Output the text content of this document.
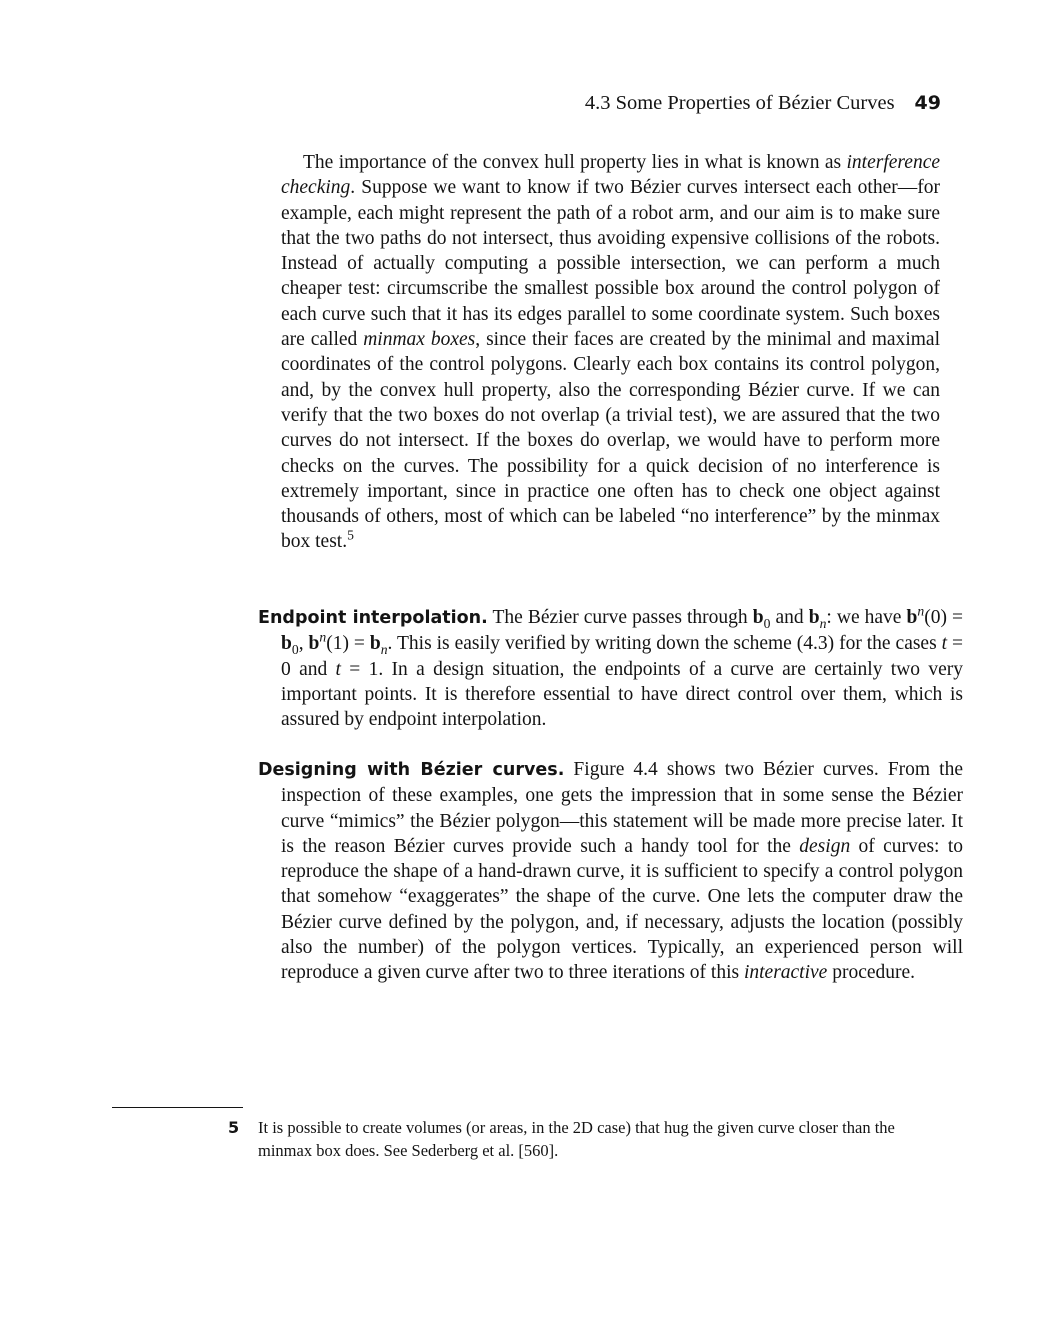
4.3 Some Properties of Bézier Curves 49

The importance of the convex hull property lies in what is known as interference checking. Suppose we want to know if two Bézier curves intersect each other—for example, each might represent the path of a robot arm, and our aim is to make sure that the two paths do not intersect, thus avoiding expensive collisions of the robots. Instead of actually computing a possible intersection, we can perform a much cheaper test: circumscribe the smallest possible box around the control polygon of each curve such that it has its edges parallel to some coordinate system. Such boxes are called minmax boxes, since their faces are created by the minimal and maximal coordinates of the control polygons. Clearly each box contains its control polygon, and, by the convex hull property, also the corresponding Bézier curve. If we can verify that the two boxes do not overlap (a trivial test), we are assured that the two curves do not intersect. If the boxes do overlap, we would have to perform more checks on the curves. The possibility for a quick decision of no interference is extremely important, since in practice one often has to check one object against thousands of others, most of which can be labeled “no interference” by the minmax box test.$^5$

Endpoint interpolation. The Bézier curve passes through $b_0$ and $b_n$: we have $b^n(0) = b_0$, $b^n(1) = b_n$. This is easily verified by writing down the scheme (4.3) for the cases t = 0 and t = 1. In a design situation, the endpoints of a curve are certainly two very important points. It is therefore essential to have direct control over them, which is assured by endpoint interpolation.

Designing with Bézier curves. Figure 4.4 shows two Bézier curves. From the inspection of these examples, one gets the impression that in some sense the Bézier curve “mimics” the Bézier polygon—this statement will be made more precise later. It is the reason Bézier curves provide such a handy tool for the design of curves: to reproduce the shape of a hand-drawn curve, it is sufficient to specify a control polygon that somehow “exaggerates” the shape of the curve. One lets the computer draw the Bézier curve defined by the polygon, and, if necessary, adjusts the location (possibly also the number) of the polygon vertices. Typically, an experienced person will reproduce a given curve after two to three iterations of this interactive procedure.

5 It is possible to create volumes (or areas, in the 2D case) that hug the given curve closer than the minmax box does. See Sederberg et al. [560].
